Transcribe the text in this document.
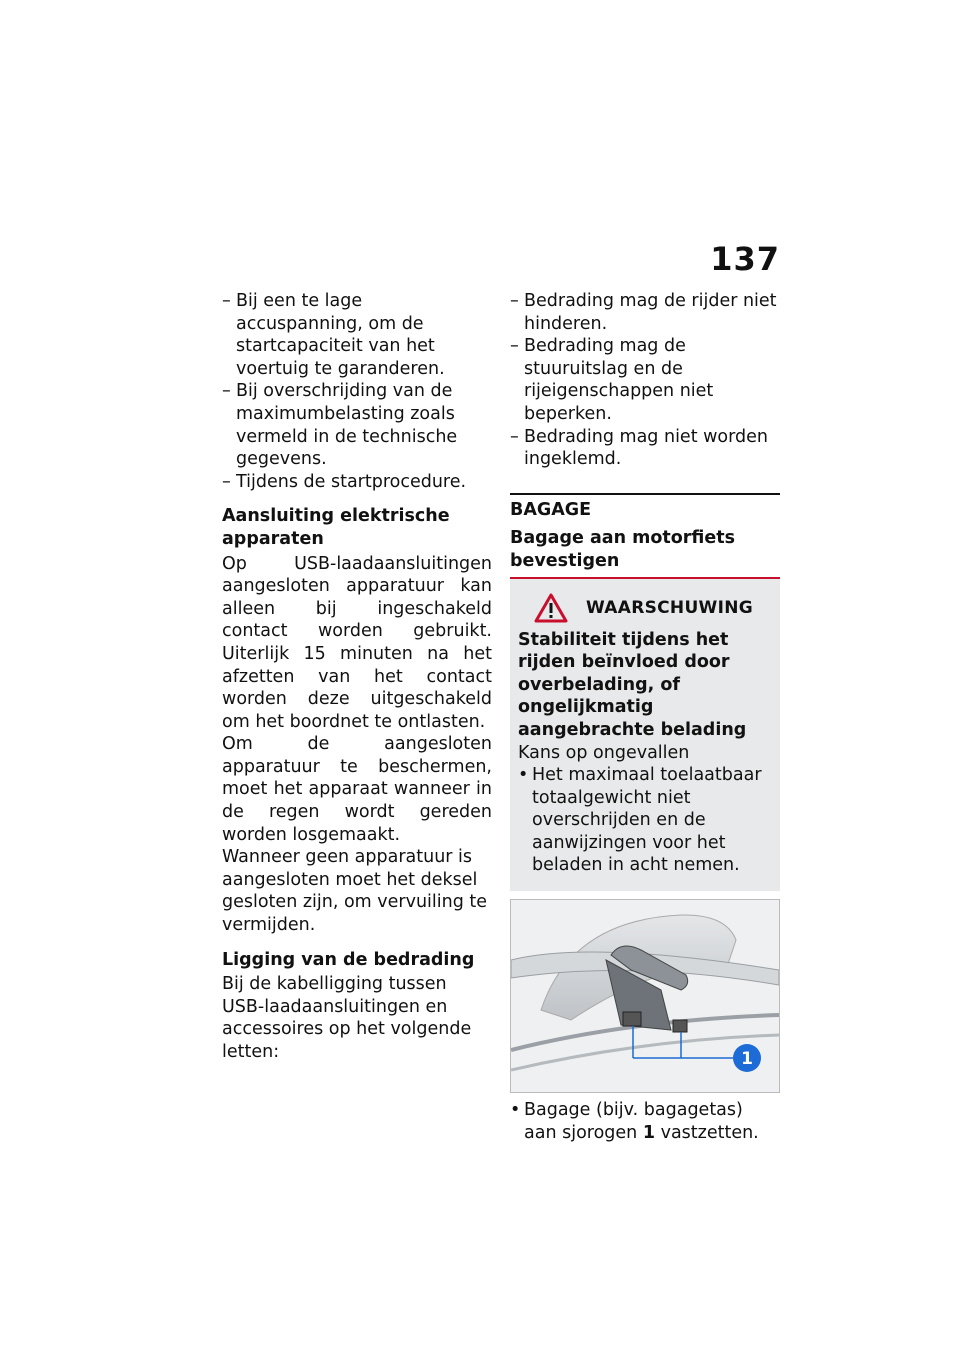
137
– Bij een te lage accuspanning, om de startcapaciteit van het voertuig te garanderen.
– Bij overschrijding van de maximumbelasting zoals vermeld in de technische gegevens.
– Tijdens de startprocedure.
Aansluiting elektrische apparaten

Op USB-laadaansluitingen aangesloten apparatuur kan alleen bij ingeschakeld contact worden gebruikt. Uiterlijk 15 minuten na het afzetten van het contact worden deze uitgeschakeld om het boordnet te ontlasten.

Om de aangesloten apparatuur te beschermen, moet het apparaat wanneer in de regen wordt gereden worden losgemaakt.

Wanneer geen apparatuur is aangesloten moet het deksel gesloten zijn, om vervuiling te vermijden.

Ligging van de bedrading

Bij de kabelligging tussen USB-laadaansluitingen en accessoires op het volgende letten:

– Bedrading mag de rijder niet hinderen.
– Bedrading mag de stuuruitslag en de rijeigenschappen niet beperken.
– Bedrading mag niet worden ingeklemd.
BAGAGE
Bagage aan motorfiets bevestigen
WAARSCHUWING
Stabiliteit tijdens het rijden beïnvloed door overbelading, of ongelijkmatig aangebrachte belading
Kans op ongevallen
• Het maximaal toelaatbaar totaalgewicht niet overschrijden en de aanwijzingen voor het beladen in acht nemen.
1
• Bagage (bijv. bagagetas) aan sjorogen 1 vastzetten.
